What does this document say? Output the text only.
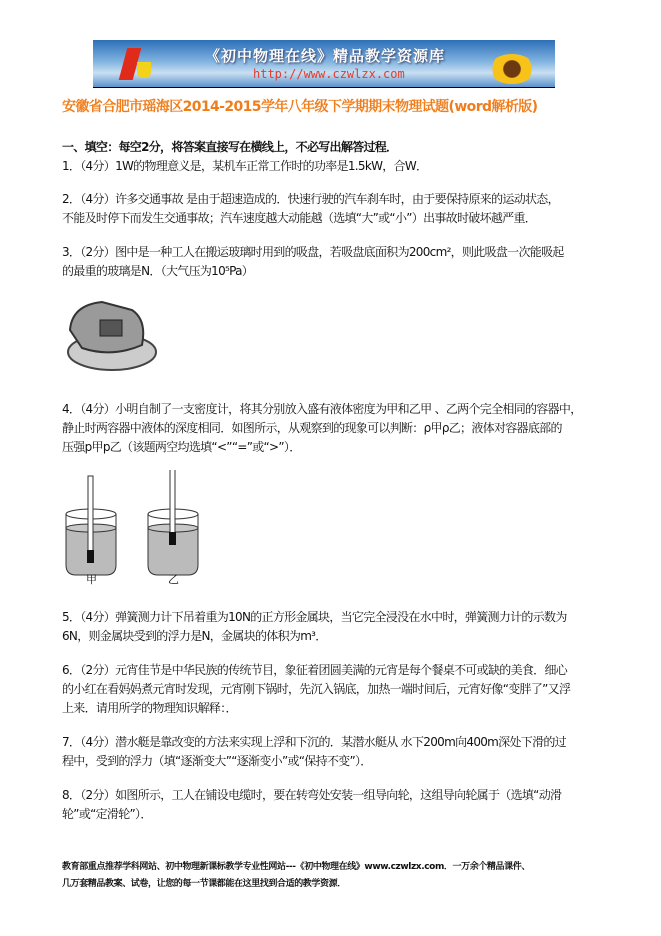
《初中物理在线》精品教学资源库
http://www.czwlzx.com
安徽省合肥市瑶海区2014-2015学年八年级下学期期末物理试题(word解析版)
一、填空：每空2分，将答案直接写在横线上，不必写出解答过程．
1．（4分）1W的物理意义是，某机车正常工作时的功率是1.5kW，合W．
2．（4分）许多交通事故 是由于超速造成的．快速行驶的汽车刹车时，由于要保持原来的运动状态，
不能及时停下而发生交通事故；汽车速度越大动能越（选填“大”或“小”）出事故时破坏越严重．
3．（2分）图中是一种工人在搬运玻璃时用到的吸盘，若吸盘底面积为200cm²，则此吸盘一次能吸起
的最重的玻璃是N．（大气压为10⁵Pa）
4．（4分）小明自制了一支密度计，将其分别放入盛有液体密度为甲和乙甲 、乙两个完全相同的容器中，
静止时两容器中液体的深度相同．如图所示，从观察到的现象可以判断：ρ甲ρ乙；液体对容器底部的
压强p甲p乙（该题两空均选填“<”“=”或“>”）．
甲	乙
5．（4分）弹簧测力计下吊着重为10N的正方形金属块，当它完全浸没在水中时，弹簧测力计的示数为
6N，则金属块受到的浮力是N，金属块的体积为m³．
6．（2分）元宵佳节是中华民族的传统节目，象征着团圆美满的元宵是每个餐桌不可或缺的美食．细心
的小红在看妈妈煮元宵时发现，元宵刚下锅时，先沉入锅底，加热一端时间后，元宵好像“变胖了”又浮
上来．请用所学的物理知识解释：．
7．（4分）潜水艇是靠改变的方法来实现上浮和下沉的．某潜水艇从 水下200m向400m深处下滑的过
程中，受到的浮力（填“逐渐变大”“逐渐变小”或“保持不变”）．
8．（2分）如图所示，工人在铺设电缆时，要在转弯处安装一组导向轮，这组导向轮属于（选填“动滑
轮”或“定滑轮”）．
教育部重点推荐学科网站、初中物理新课标教学专业性网站---《初中物理在线》www.czwlzx.com．一万余个精品课件、
几万套精品教案、试卷，让您的每一节课都能在这里找到合适的教学资源．
